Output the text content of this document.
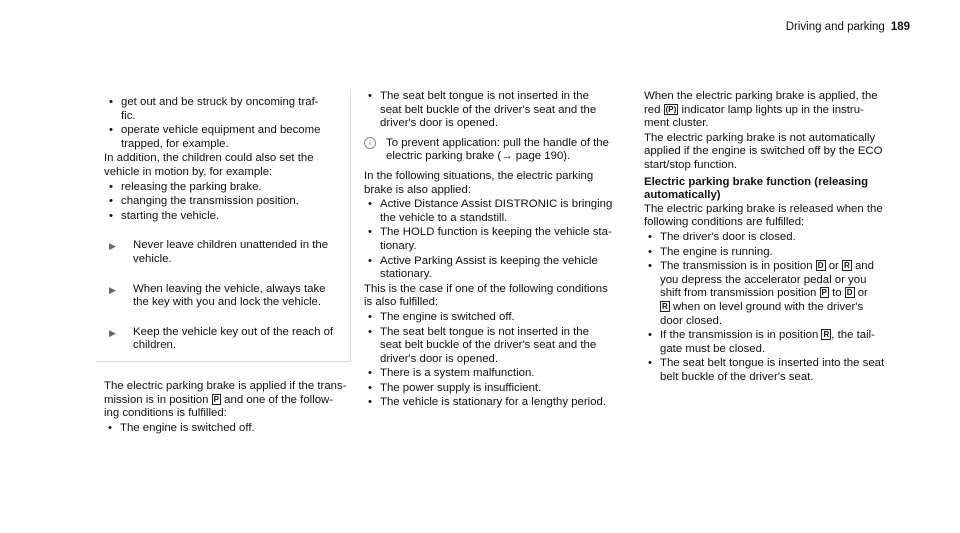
Driving and parking 189
• get out and be struck by oncoming traf-
fic.
• operate vehicle equipment and become
trapped, for example.
In addition, the children could also set the
vehicle in motion by, for example:
• releasing the parking brake.
• changing the transmission position.
• starting the vehicle.
▶ Never leave children unattended in the
vehicle.
▶ When leaving the vehicle, always take
the key with you and lock the vehicle.
▶ Keep the vehicle key out of the reach of
children.
The electric parking brake is applied if the trans-
mission is in position P and one of the follow-
ing conditions is fulfilled:
• The engine is switched off.
• The seat belt tongue is not inserted in the
seat belt buckle of the driver's seat and the
driver's door is opened.
i	To prevent application: pull the handle of the
electric parking brake (→ page 190).
In the following situations, the electric parking
brake is also applied:
• Active Distance Assist DISTRONIC is bringing
the vehicle to a standstill.
• The HOLD function is keeping the vehicle sta-
tionary.
• Active Parking Assist is keeping the vehicle
stationary.
This is the case if one of the following conditions
is also fulfilled:
• The engine is switched off.
• The seat belt tongue is not inserted in the
seat belt buckle of the driver's seat and the
driver's door is opened.
• There is a system malfunction.
• The power supply is insufficient.
• The vehicle is stationary for a lengthy period.
When the electric parking brake is applied, the
red (P) indicator lamp lights up in the instru-
ment cluster.
The electric parking brake is not automatically
applied if the engine is switched off by the ECO
start/stop function.
Electric parking brake function (releasing
automatically)
The electric parking brake is released when the
following conditions are fulfilled:
• The driver's door is closed.
• The engine is running.
• The transmission is in position D or R and
you depress the accelerator pedal or you
shift from transmission position P to D or
R when on level ground with the driver's
door closed.
• If the transmission is in position R , the tail-
gate must be closed.
• The seat belt tongue is inserted into the seat
belt buckle of the driver's seat.
